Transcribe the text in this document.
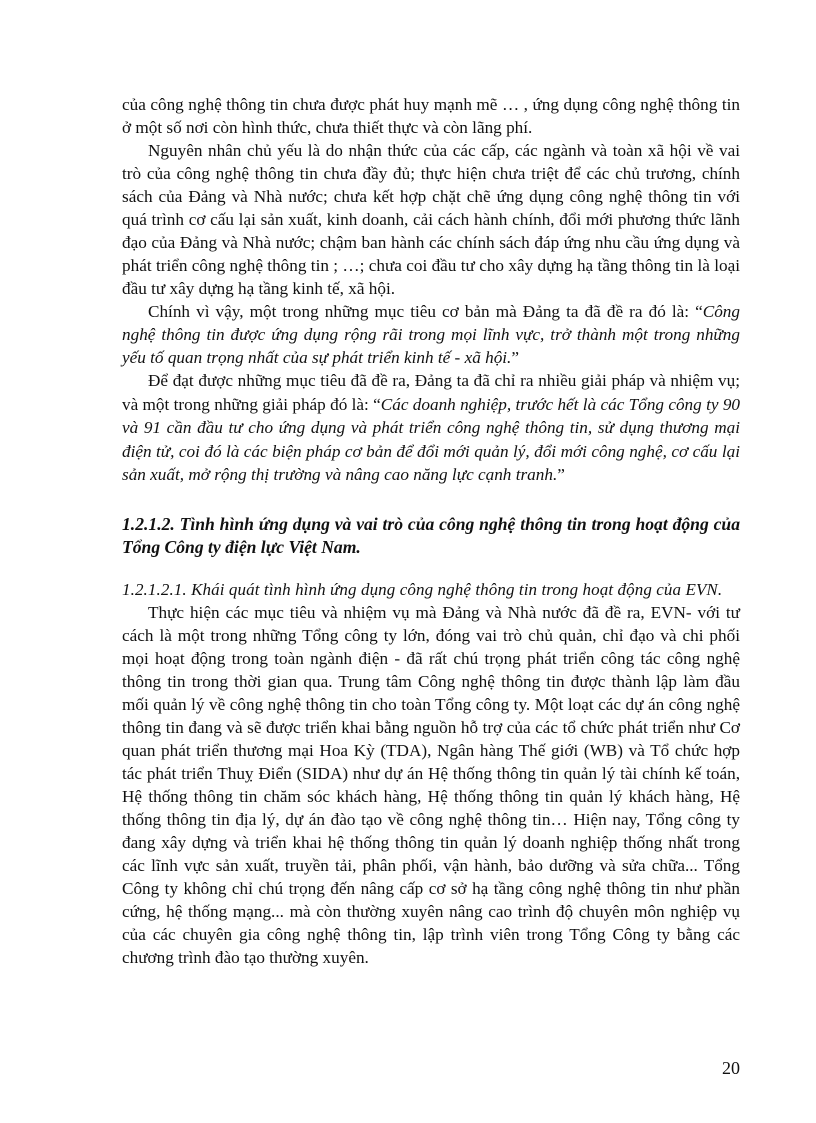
của công nghệ thông tin chưa được phát huy mạnh mẽ … , ứng dụng công nghệ thông tin ở một số nơi còn hình thức, chưa thiết thực và còn lãng phí.

Nguyên nhân chủ yếu là do nhận thức của các cấp, các ngành và toàn xã hội về vai trò của công nghệ thông tin chưa đầy đủ; thực hiện chưa triệt để các chủ trương, chính sách của Đảng và Nhà nước; chưa kết hợp chặt chẽ ứng dụng công nghệ thông tin với quá trình cơ cấu lại sản xuất, kinh doanh, cải cách hành chính, đổi mới phương thức lãnh đạo của Đảng và Nhà nước; chậm ban hành các chính sách đáp ứng nhu cầu ứng dụng và phát triển công nghệ thông tin ; …; chưa coi đầu tư cho xây dựng hạ tầng thông tin là loại đầu tư xây dựng hạ tầng kinh tế, xã hội.

Chính vì vậy, một trong những mục tiêu cơ bản mà Đảng ta đã đề ra đó là: “Công nghệ thông tin được ứng dụng rộng rãi trong mọi lĩnh vực, trở thành một trong những yếu tố quan trọng nhất của sự phát triển kinh tế - xã hội.”

Để đạt được những mục tiêu đã đề ra, Đảng ta đã chỉ ra nhiều giải pháp và nhiệm vụ; và một trong những giải pháp đó là: “Các doanh nghiệp, trước hết là các Tổng công ty 90 và 91 cần đầu tư cho ứng dụng và phát triển công nghệ thông tin, sử dụng thương mại điện tử, coi đó là các biện pháp cơ bản để đổi mới quản lý, đổi mới công nghệ, cơ cấu lại sản xuất, mở rộng thị trường và nâng cao năng lực cạnh tranh.”

1.2.1.2. Tình hình ứng dụng và vai trò của công nghệ thông tin trong hoạt động của Tổng Công ty điện lực Việt Nam.

1.2.1.2.1. Khái quát tình hình ứng dụng công nghệ thông tin trong hoạt động của EVN.

Thực hiện các mục tiêu và nhiệm vụ mà Đảng và Nhà nước đã đề ra, EVN- với tư cách là một trong những Tổng công ty lớn, đóng vai trò chủ quản, chỉ đạo và chi phối mọi hoạt động trong toàn ngành điện - đã rất chú trọng phát triển công tác công nghệ thông tin trong thời gian qua. Trung tâm Công nghệ thông tin được thành lập làm đầu mối quản lý về công nghệ thông tin cho toàn Tổng công ty. Một loạt các dự án công nghệ thông tin đang và sẽ được triển khai bằng nguồn hỗ trợ của các tổ chức phát triển như Cơ quan phát triển thương mại Hoa Kỳ (TDA), Ngân hàng Thế giới (WB) và Tổ chức hợp tác phát triển Thuỵ Điển (SIDA) như dự án Hệ thống thông tin quản lý tài chính kế toán, Hệ thống thông tin chăm sóc khách hàng, Hệ thống thông tin quản lý khách hàng, Hệ thống thông tin địa lý, dự án đào tạo về công nghệ thông tin… Hiện nay, Tổng công ty đang xây dựng và triển khai hệ thống thông tin quản lý doanh nghiệp thống nhất trong các lĩnh vực sản xuất, truyền tải, phân phối, vận hành, bảo dưỡng và sửa chữa... Tổng Công ty không chỉ chú trọng đến nâng cấp cơ sở hạ tầng công nghệ thông tin như phần cứng, hệ thống mạng... mà còn thường xuyên nâng cao trình độ chuyên môn nghiệp vụ của các chuyên gia công nghệ thông tin, lập trình viên trong Tổng Công ty bằng các chương trình đào tạo thường xuyên.

20
